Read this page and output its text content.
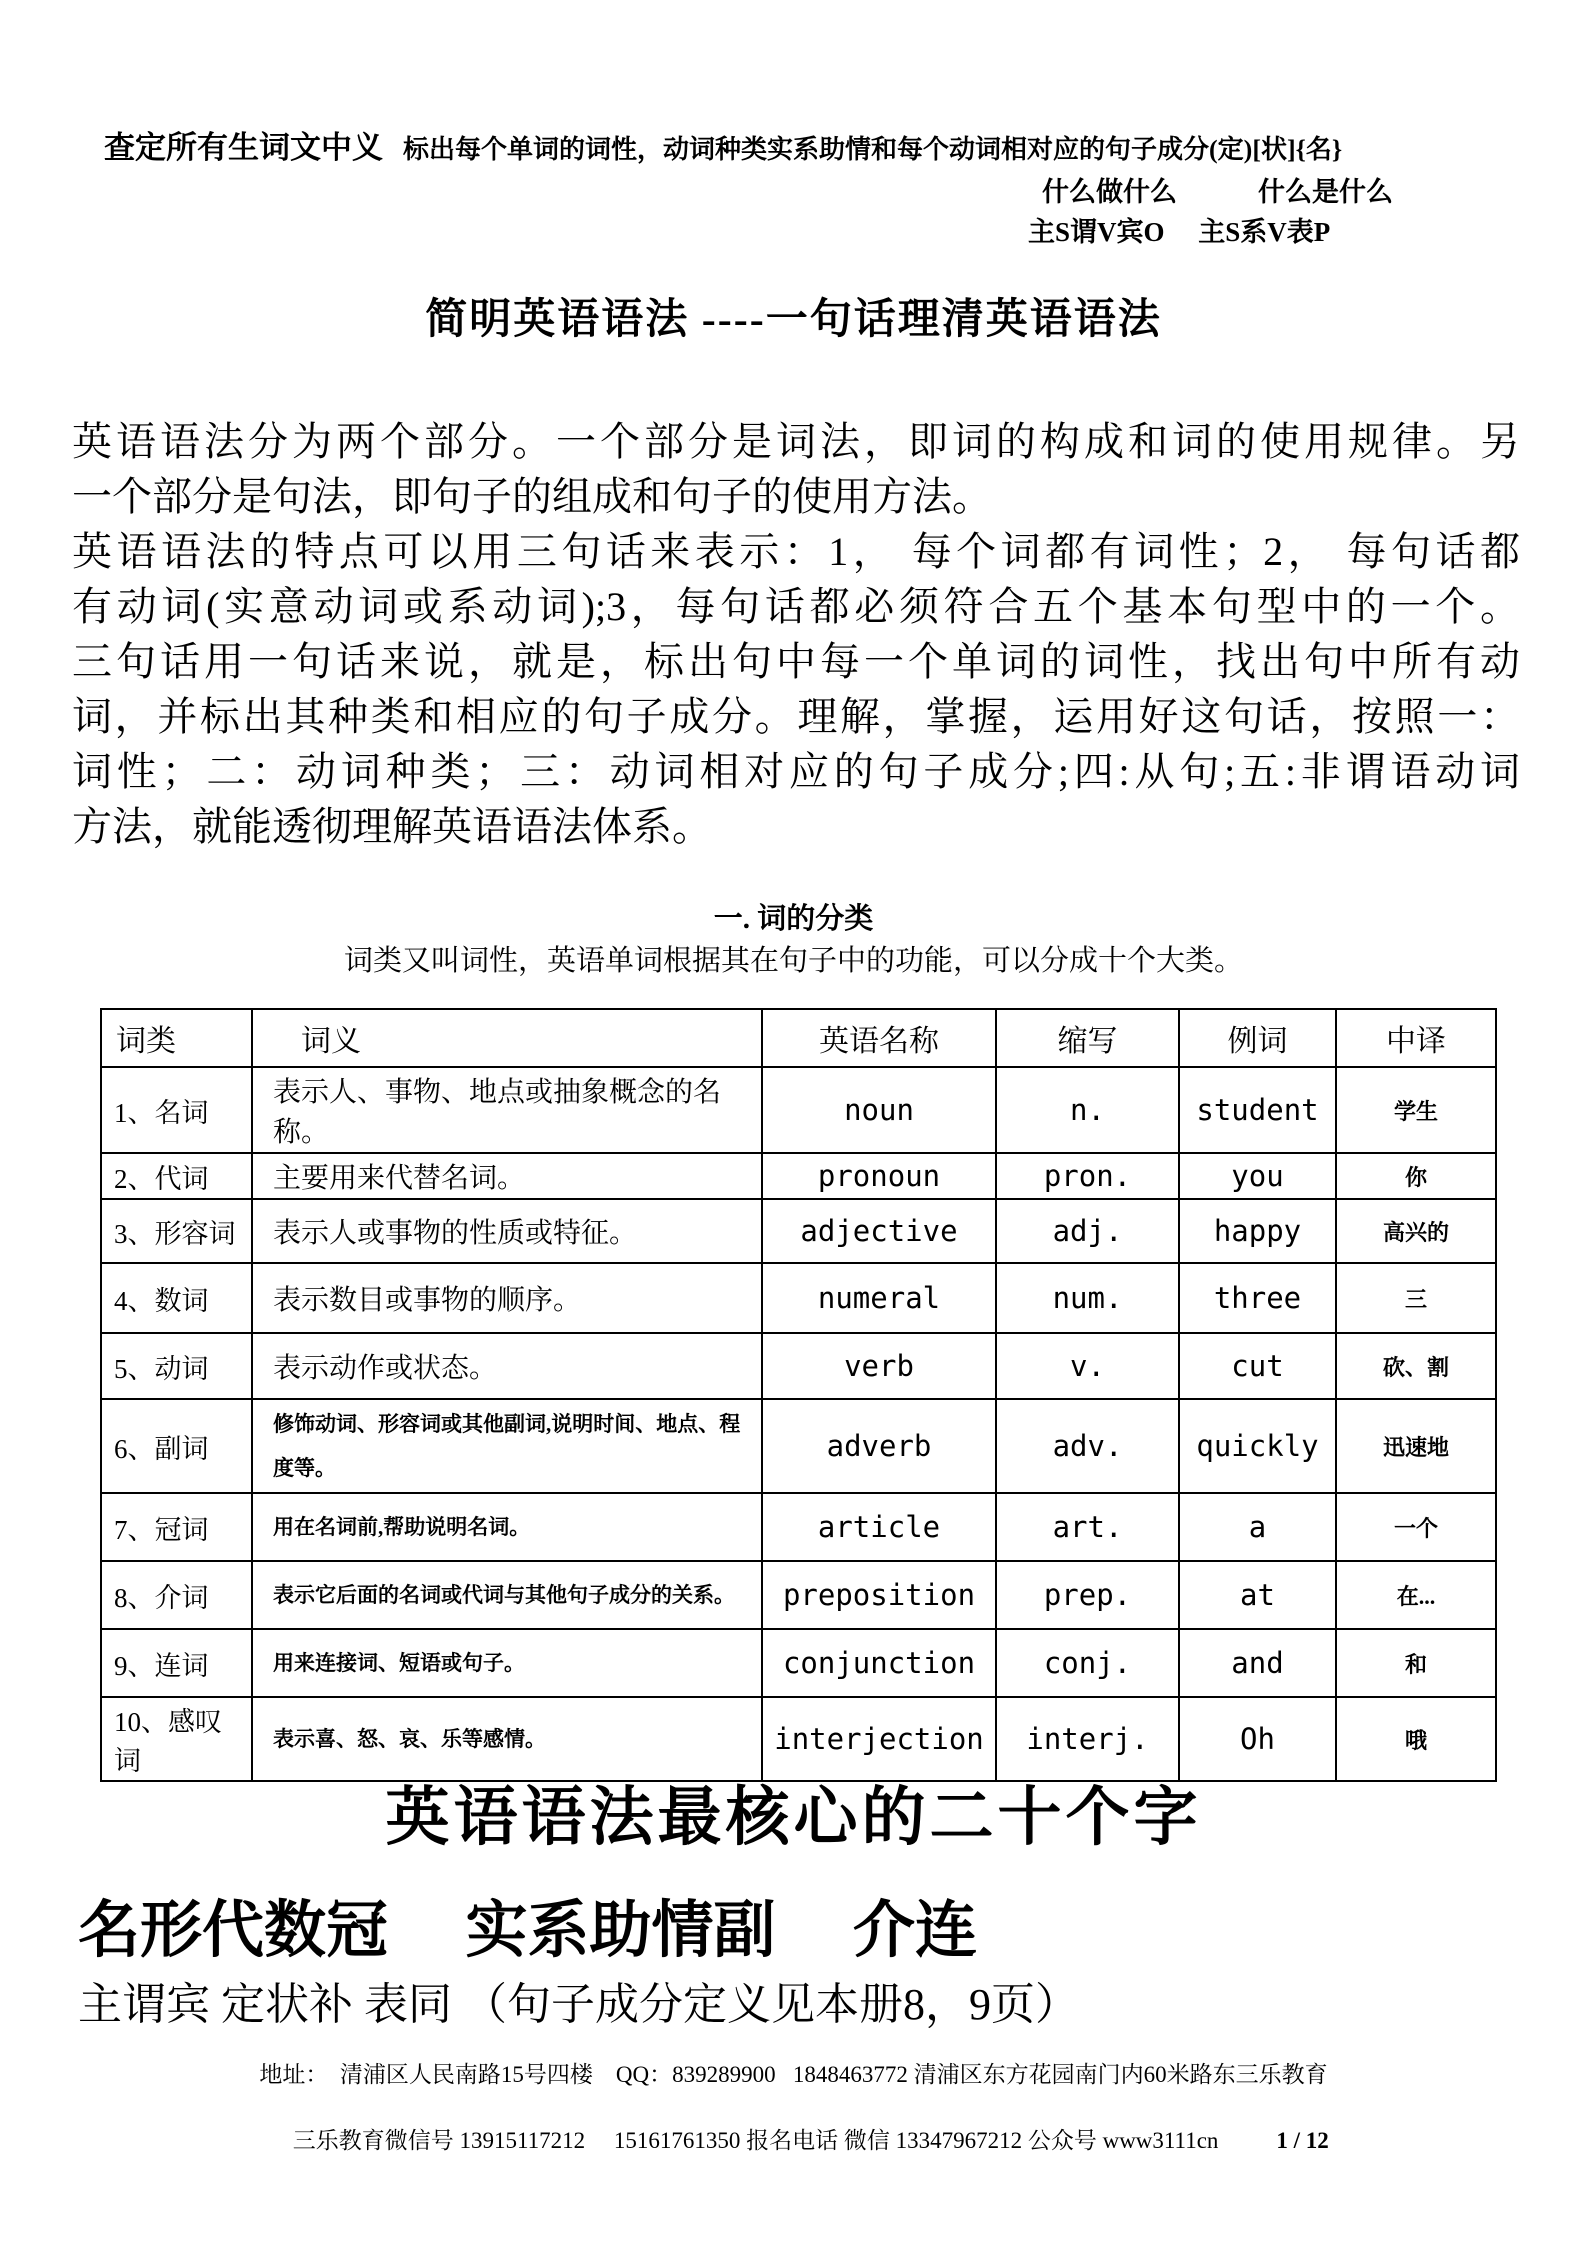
查定所有生词文中义 标出每个单词的词性，动词种类实系助情和每个动词相对应的句子成分(定)[状]{名}

什么做什么　　　什么是什么
主S谓V宾O　 主S系V表P
简明英语语法 ----一句话理清英语语法
英语语法分为两个部分。一个部分是词法，即词的构成和词的使用规律。另
一个部分是句法，即句子的组成和句子的使用方法。
英语语法的特点可以用三句话来表示：1， 每个词都有词性；2， 每句话都
有动词(实意动词或系动词);3，每句话都必须符合五个基本句型中的一个。
三句话用一句话来说，就是，标出句中每一个单词的词性，找出句中所有动
词，并标出其种类和相应的句子成分。理解，掌握，运用好这句话，按照一：
词性；二：动词种类；三：动词相对应的句子成分;四:从句;五:非谓语动词
方法，就能透彻理解英语语法体系。
一. 词的分类
词类又叫词性，英语单词根据其在句子中的功能，可以分成十个大类。
词类	词义	英语名称	缩写	例词	中译
1、名词	表示人、事物、地点或抽象概念的名称。	noun	n.	student	学生
2、代词	主要用来代替名词。	pronoun	pron.	you	你
3、形容词	表示人或事物的性质或特征。	adjective	adj.	happy	高兴的
4、数词	表示数目或事物的顺序。	numeral	num.	three	三
5、动词	表示动作或状态。	verb	v.	cut	砍、割
6、副词	修饰动词、形容词或其他副词,说明时间、地点、程度等。	adverb	adv.	quickly	迅速地
7、冠词	用在名词前,帮助说明名词。	article	art.	a	一个
8、介词	表示它后面的名词或代词与其他句子成分的关系。	preposition	prep.	at	在...
9、连词	用来连接词、短语或句子。	conjunction	conj.	and	和
10、感叹词	表示喜、怒、哀、乐等感情。	interjection	interj.	Oh	哦
英语语法最核心的二十个字
名形代数冠　 实系助情副　 介连
主谓宾 定状补 表同 （句子成分定义见本册8，9页）
地址：  清浦区人民南路15号四楼    QQ：839289900   1848463772 清浦区东方花园南门内60米路东三乐教育

三乐教育微信号 13915117212     15161761350 报名电话 微信 13347967212 公众号 www3111cn	1 / 12
